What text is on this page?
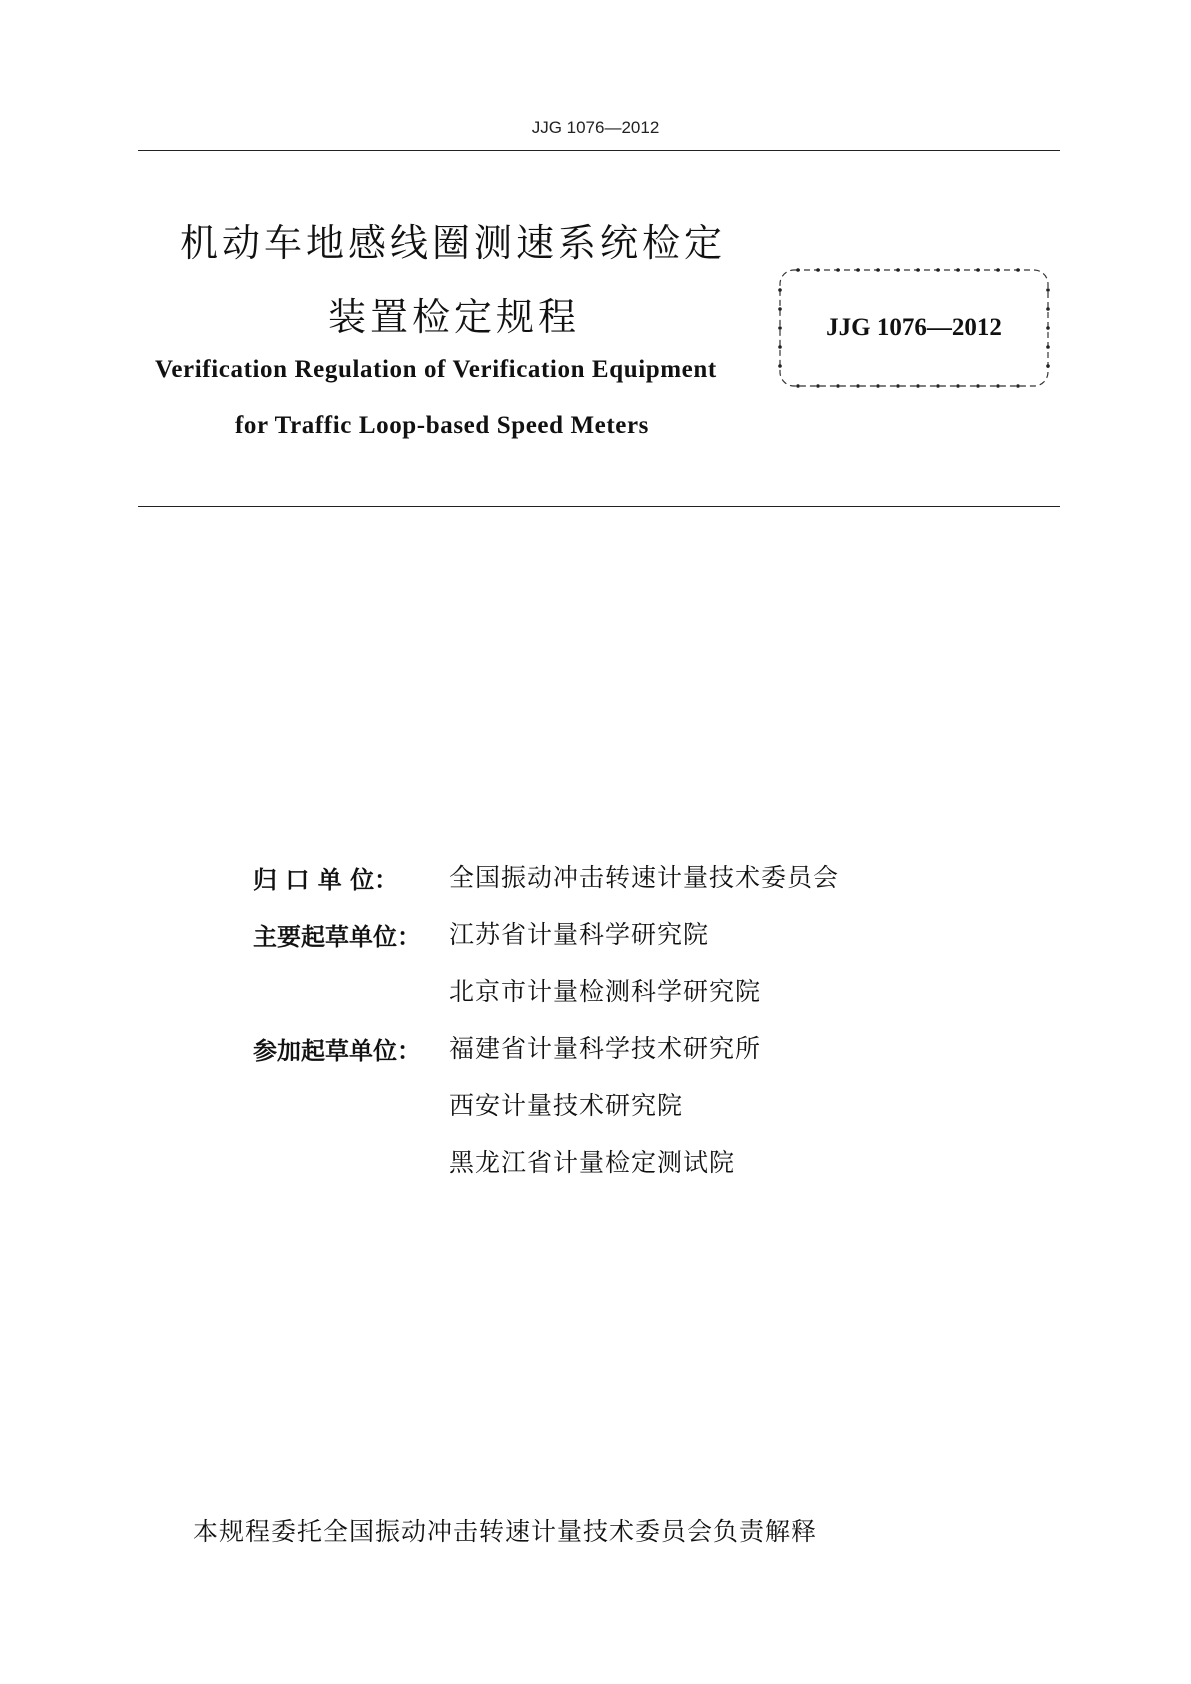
JJG 1076—2012
机动车地感线圈测速系统检定
装置检定规程
Verification Regulation of Verification Equipment
for Traffic Loop-based Speed Meters
JJG 1076—2012
归 口 单 位：	全国振动冲击转速计量技术委员会
主要起草单位： 江苏省计量科学研究院
北京市计量检测科学研究院
参加起草单位： 福建省计量科学技术研究所
西安计量技术研究院
黑龙江省计量检定测试院
本规程委托全国振动冲击转速计量技术委员会负责解释
